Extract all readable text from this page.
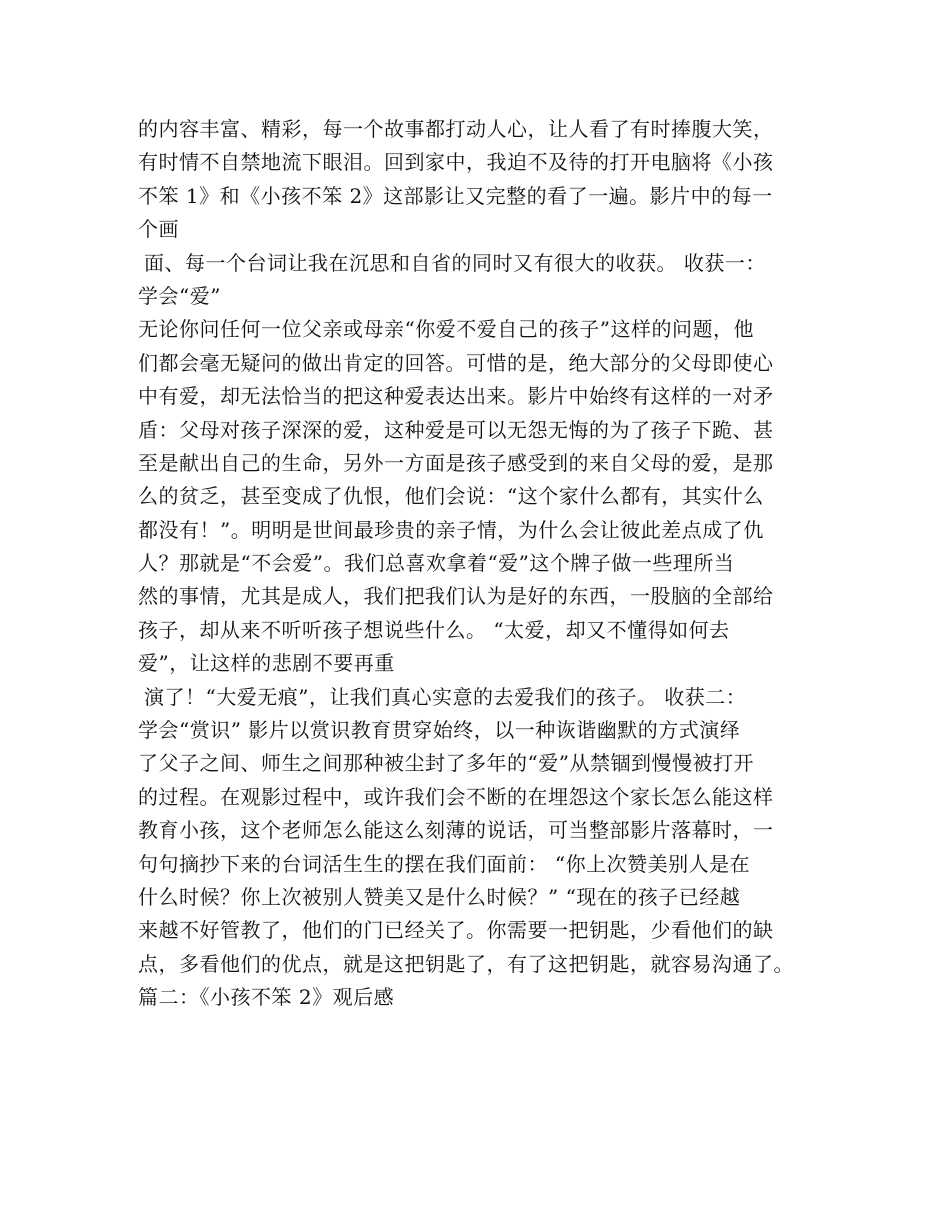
的内容丰富、精彩，每一个故事都打动人心，让人看了有时捧腹大笑，
有时情不自禁地流下眼泪。回到家中，我迫不及待的打开电脑将《小孩
不笨 1》和《小孩不笨 2》这部影让又完整的看了一遍。影片中的每一
个画
面、每一个台词让我在沉思和自省的同时又有很大的收获。 收获一：
学会“爱”
无论你问任何一位父亲或母亲“你爱不爱自己的孩子”这样的问题，他
们都会毫无疑问的做出肯定的回答。可惜的是，绝大部分的父母即使心
中有爱，却无法恰当的把这种爱表达出来。影片中始终有这样的一对矛
盾：父母对孩子深深的爱，这种爱是可以无怨无悔的为了孩子下跪、甚
至是献出自己的生命，另外一方面是孩子感受到的来自父母的爱，是那
么的贫乏，甚至变成了仇恨，他们会说：“这个家什么都有，其实什么
都没有！”。明明是世间最珍贵的亲子情，为什么会让彼此差点成了仇
人？那就是“不会爱”。我们总喜欢拿着“爱”这个牌子做一些理所当
然的事情，尤其是成人，我们把我们认为是好的东西，一股脑的全部给
孩子，却从来不听听孩子想说些什么。 “太爱，却又不懂得如何去
爱”，让这样的悲剧不要再重
演了！“大爱无痕”，让我们真心实意的去爱我们的孩子。 收获二：
学会“赏识” 影片以赏识教育贯穿始终，以一种诙谐幽默的方式演绎
了父子之间、师生之间那种被尘封了多年的“爱”从禁锢到慢慢被打开
的过程。在观影过程中，或许我们会不断的在埋怨这个家长怎么能这样
教育小孩，这个老师怎么能这么刻薄的说话，可当整部影片落幕时，一
句句摘抄下来的台词活生生的摆在我们面前： “你上次赞美别人是在
什么时候？你上次被别人赞美又是什么时候？” “现在的孩子已经越
来越不好管教了，他们的门已经关了。你需要一把钥匙，少看他们的缺
点，多看他们的优点，就是这把钥匙了，有了这把钥匙，就容易沟通了。
篇二：《小孩不笨 2》观后感
